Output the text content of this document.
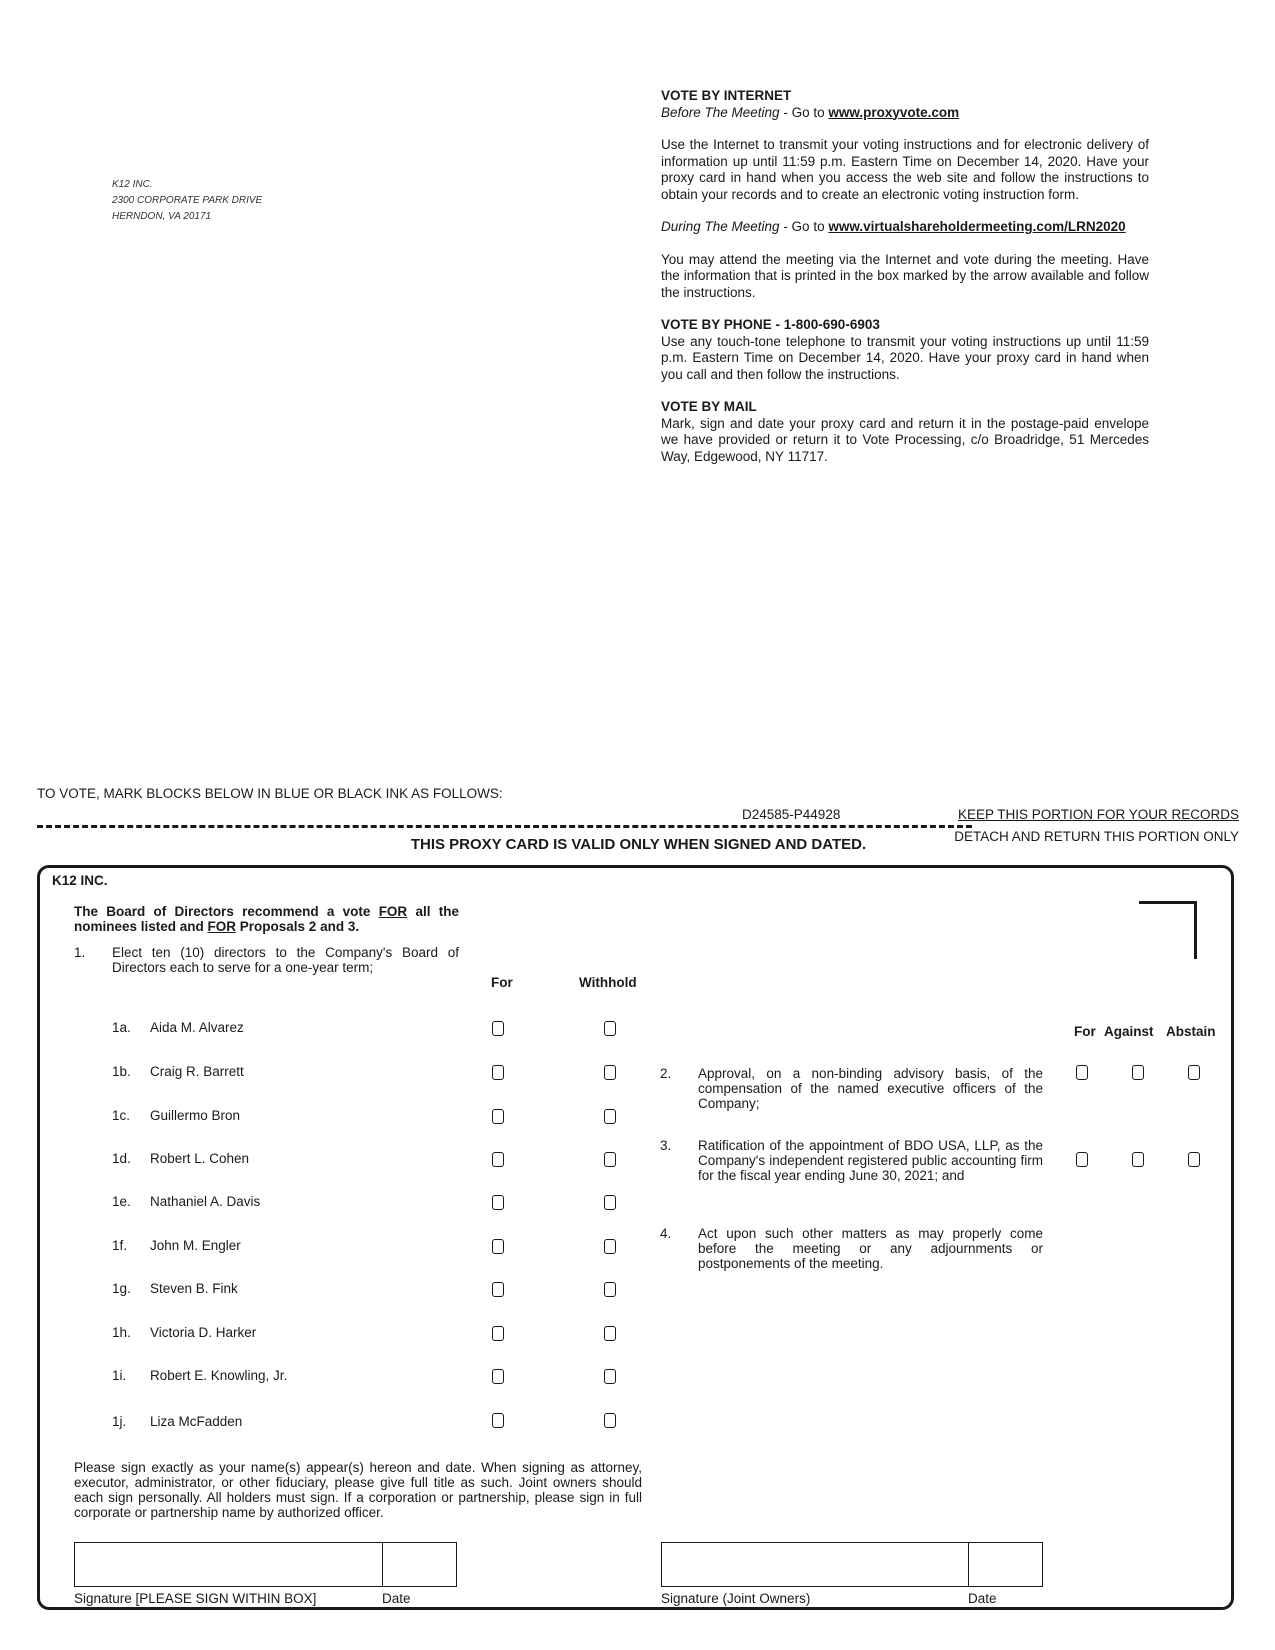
K12 INC.
2300 CORPORATE PARK DRIVE
HERNDON, VA 20171
VOTE BY INTERNET

Before The Meeting - Go to www.proxyvote.com

Use the Internet to transmit your voting instructions and for electronic delivery of information up until 11:59 p.m. Eastern Time on December 14, 2020. Have your proxy card in hand when you access the web site and follow the instructions to obtain your records and to create an electronic voting instruction form.

During The Meeting - Go to www.virtualshareholdermeeting.com/LRN2020

You may attend the meeting via the Internet and vote during the meeting. Have the information that is printed in the box marked by the arrow available and follow the instructions.

VOTE BY PHONE - 1-800-690-6903

Use any touch-tone telephone to transmit your voting instructions up until 11:59 p.m. Eastern Time on December 14, 2020. Have your proxy card in hand when you call and then follow the instructions.

VOTE BY MAIL

Mark, sign and date your proxy card and return it in the postage-paid envelope we have provided or return it to Vote Processing, c/o Broadridge, 51 Mercedes Way, Edgewood, NY 11717.

TO VOTE, MARK BLOCKS BELOW IN BLUE OR BLACK INK AS FOLLOWS:
D24585-P44928	KEEP THIS PORTION FOR YOUR RECORDS
DETACH AND RETURN THIS PORTION ONLY
THIS PROXY CARD IS VALID ONLY WHEN SIGNED AND DATED.
K12 INC.
The Board of Directors recommend a vote FOR all the nominees listed and FOR Proposals 2 and 3.
1. Elect ten (10) directors to the Company's Board of Directors each to serve for a one-year term;
For	Withhold
1a. Aida M. Alvarez
1b. Craig R. Barrett
1c. Guillermo Bron
1d. Robert L. Cohen
1e. Nathaniel A. Davis
1f. John M. Engler
1g. Steven B. Fink
1h. Victoria D. Harker
1i. Robert E. Knowling, Jr.
1j. Liza McFadden
For Against Abstain
2. Approval, on a non-binding advisory basis, of the compensation of the named executive officers of the Company;
3. Ratification of the appointment of BDO USA, LLP, as the Company's independent registered public accounting firm for the fiscal year ending June 30, 2021; and
4. Act upon such other matters as may properly come before the meeting or any adjournments or postponements of the meeting.
Please sign exactly as your name(s) appear(s) hereon and date. When signing as attorney, executor, administrator, or other fiduciary, please give full title as such. Joint owners should each sign personally. All holders must sign. If a corporation or partnership, please sign in full corporate or partnership name by authorized officer.
Signature [PLEASE SIGN WITHIN BOX]	Date	Signature (Joint Owners)	Date
